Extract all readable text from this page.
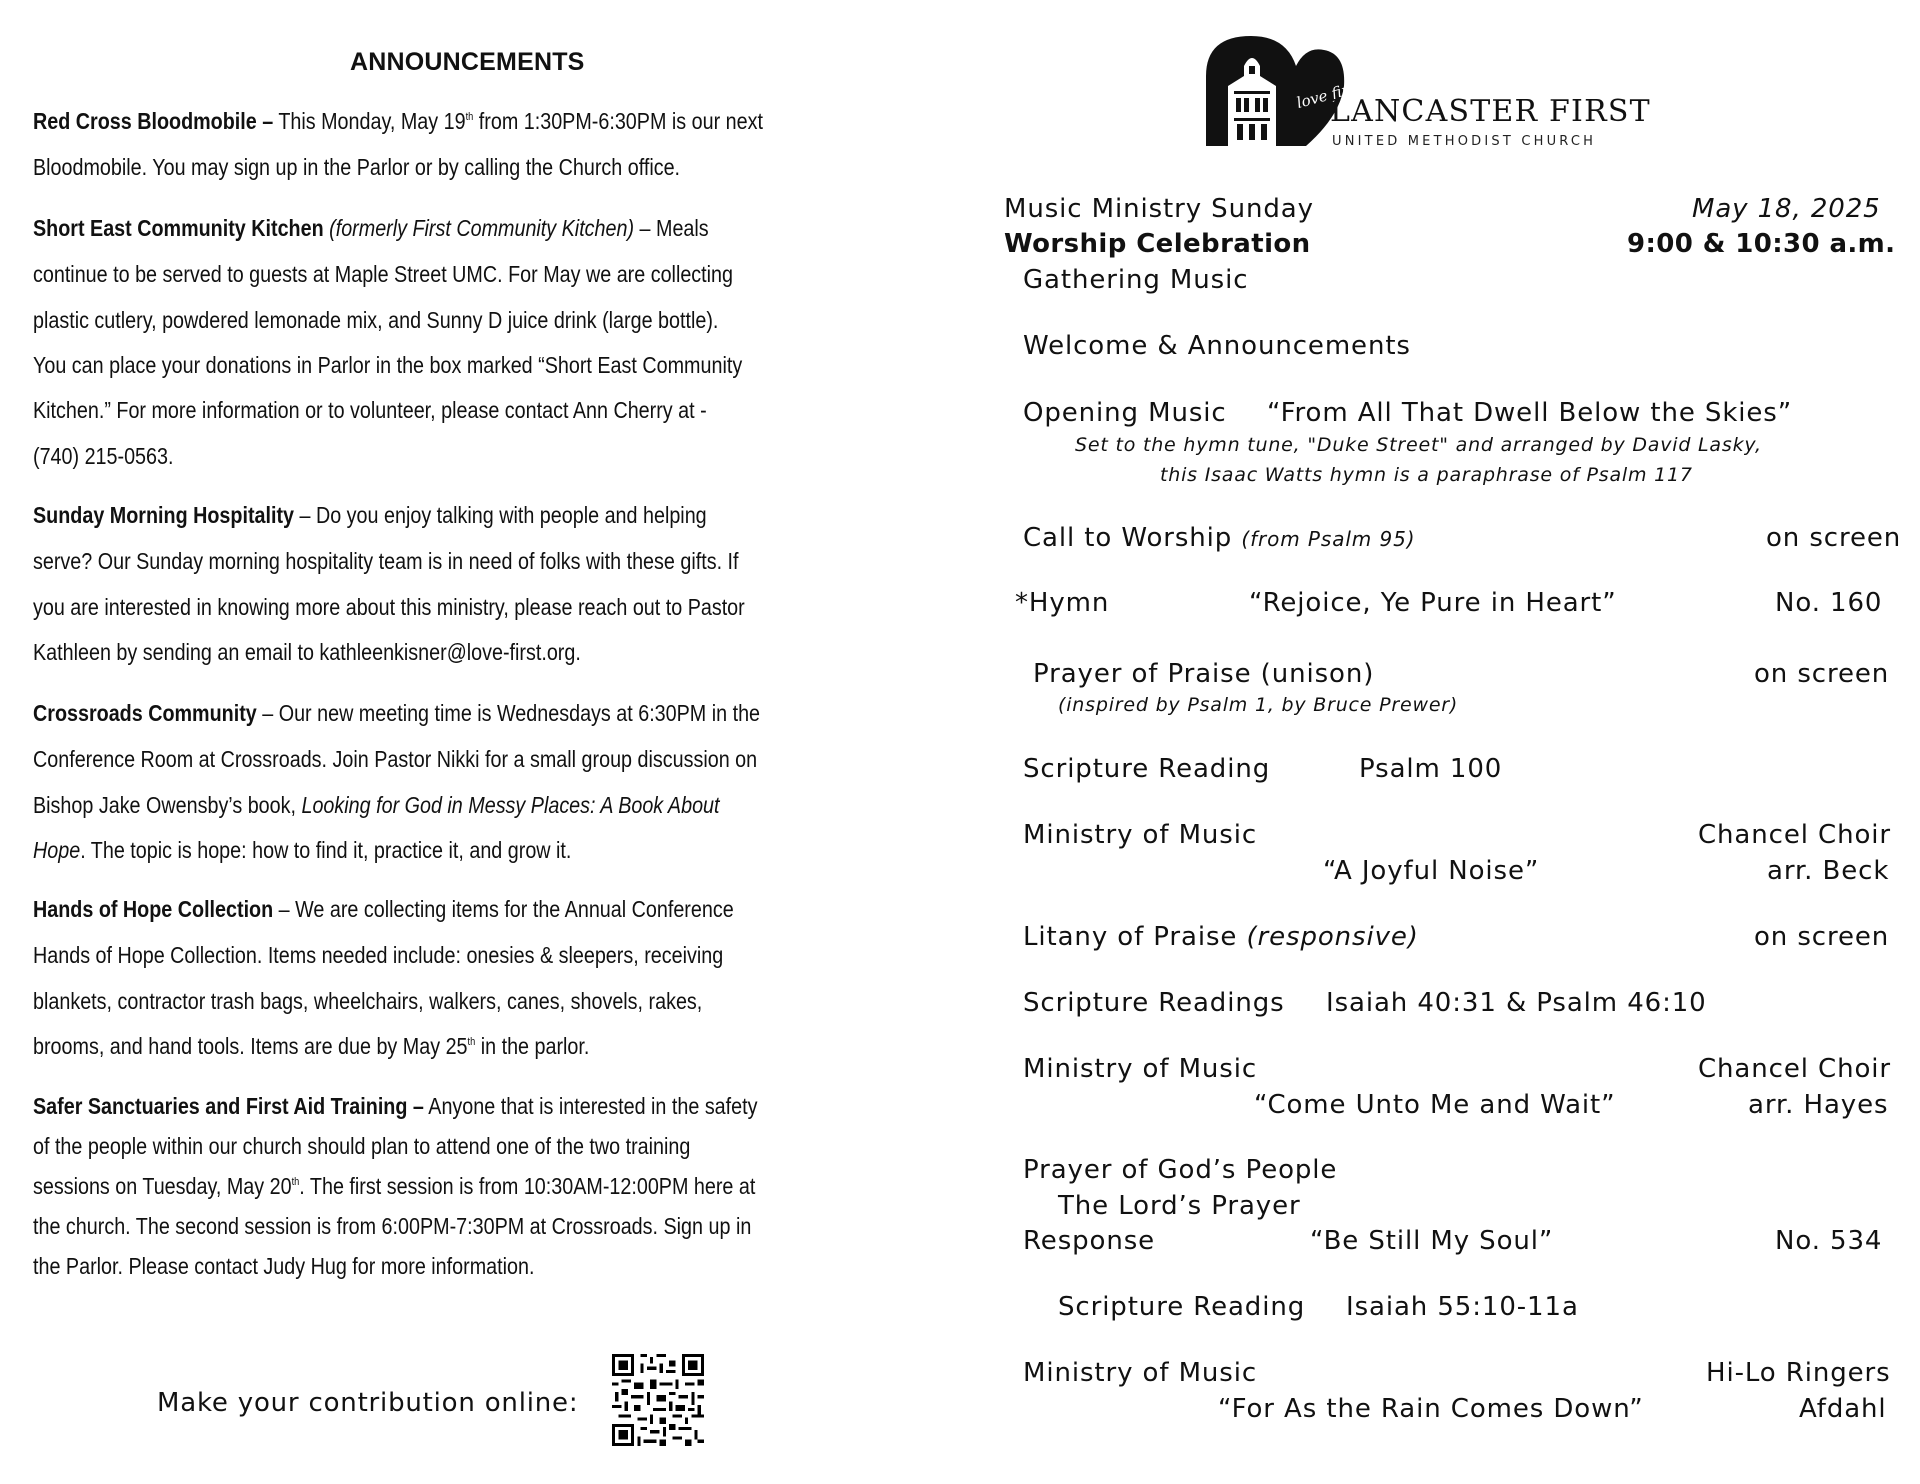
ANNOUNCEMENTS
Red Cross Bloodmobile – This Monday, May 19th from 1:30PM-6:30PM is our next
Bloodmobile. You may sign up in the Parlor or by calling the Church office.
Short East Community Kitchen (formerly First Community Kitchen) – Meals
continue to be served to guests at Maple Street UMC. For May we are collecting
plastic cutlery, powdered lemonade mix, and Sunny D juice drink (large bottle).
You can place your donations in Parlor in the box marked “Short East Community
Kitchen.” For more information or to volunteer, please contact Ann Cherry at -
(740) 215-0563.
Sunday Morning Hospitality – Do you enjoy talking with people and helping
serve? Our Sunday morning hospitality team is in need of folks with these gifts. If
you are interested in knowing more about this ministry, please reach out to Pastor
Kathleen by sending an email to kathleenkisner@love-first.org.
Crossroads Community – Our new meeting time is Wednesdays at 6:30PM in the
Conference Room at Crossroads. Join Pastor Nikki for a small group discussion on
Bishop Jake Owensby’s book, Looking for God in Messy Places: A Book About
Hope. The topic is hope: how to find it, practice it, and grow it.
Hands of Hope Collection – We are collecting items for the Annual Conference
Hands of Hope Collection. Items needed include: onesies & sleepers, receiving
blankets, contractor trash bags, wheelchairs, walkers, canes, shovels, rakes,
brooms, and hand tools. Items are due by May 25th in the parlor.
Safer Sanctuaries and First Aid Training – Anyone that is interested in the safety
of the people within our church should plan to attend one of the two training
sessions on Tuesday, May 20th. The first session is from 10:30AM-12:00PM here at
the church. The second session is from 6:00PM-7:30PM at Crossroads. Sign up in
the Parlor. Please contact Judy Hug for more information.
Make your contribution online:
love first
LANCASTER FIRST
UNITED METHODIST CHURCH
Music Ministry Sunday	May 18, 2025
Worship Celebration	9:00 & 10:30 a.m.
Gathering Music
Welcome & Announcements
Opening Music “From All That Dwell Below the Skies”
Set to the hymn tune, "Duke Street" and arranged by David Lasky,
this Isaac Watts hymn is a paraphrase of Psalm 117
Call to Worship (from Psalm 95)	on screen
*Hymn	“Rejoice, Ye Pure in Heart”	No. 160
Prayer of Praise (unison)	on screen
(inspired by Psalm 1, by Bruce Prewer)
Scripture Reading	Psalm 100
Ministry of Music	Chancel Choir
“A Joyful Noise”	arr. Beck
Litany of Praise (responsive)	on screen
Scripture Readings Isaiah 40:31 & Psalm 46:10
Ministry of Music	Chancel Choir
“Come Unto Me and Wait”	arr. Hayes
Prayer of God’s People
The Lord’s Prayer
Response	“Be Still My Soul”	No. 534
Scripture Reading Isaiah 55:10-11a
Ministry of Music	Hi-Lo Ringers
“For As the Rain Comes Down”	Afdahl
